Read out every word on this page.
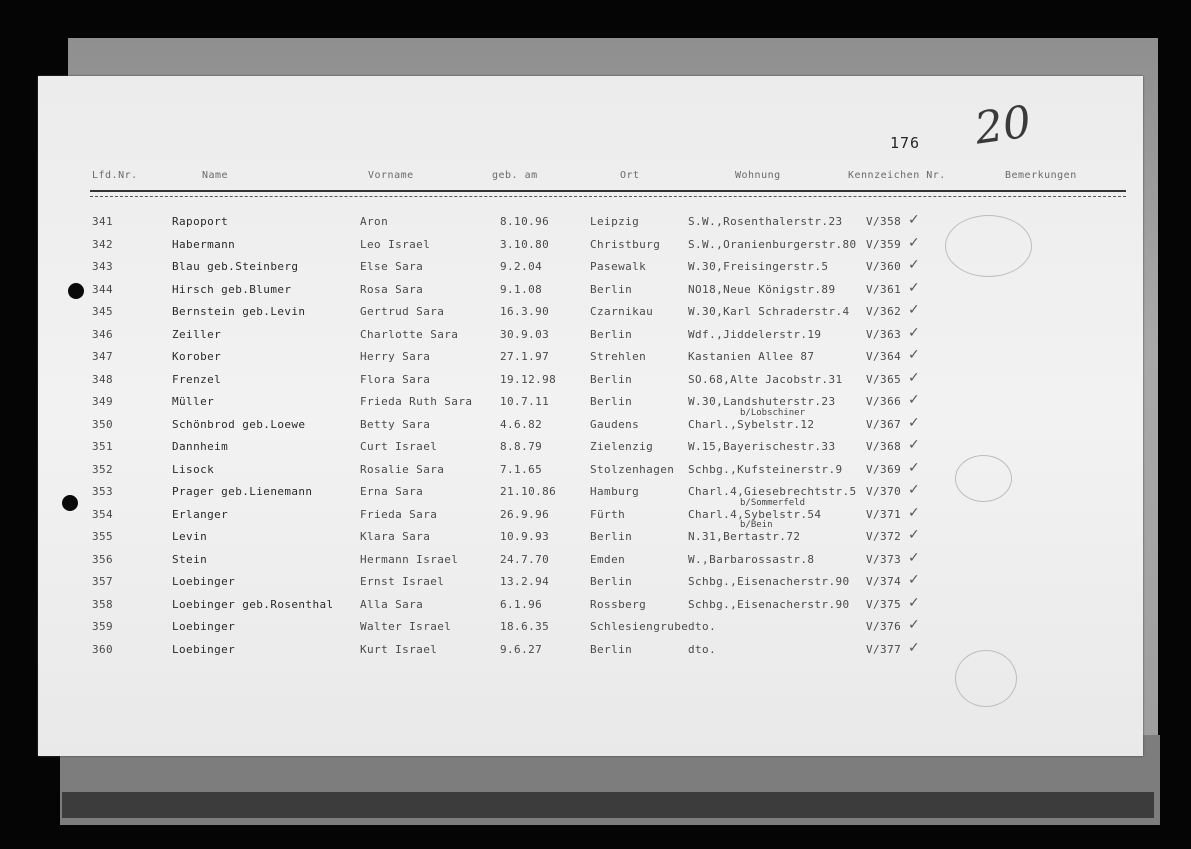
176 20
Lfd.Nr.	Name	Vorname	geb. am	Ort	Wohnung	Kennzeichen Nr.	Bemerkungen
341	Rapoport	Aron	8.10.96	Leipzig	S.W.,Rosenthalerstr.23 V/358 ✓
342	Habermann	Leo Israel	3.10.80	Christburg	S.W.,Oranienburgerstr.80 V/359 ✓
343	Blau geb.Steinberg	Else Sara	9.2.04	Pasewalk	W.30,Freisingerstr.5	V/360 ✓
344	Hirsch geb.Blumer	Rosa Sara	9.1.08	Berlin	NO18,Neue Königstr.89	V/361 ✓
345	Bernstein geb.Levin	Gertrud Sara	16.3.90	Czarnikau	W.30,Karl Schraderstr.4 V/362 ✓
346	Zeiller	Charlotte Sara	30.9.03	Berlin	Wdf.,Jiddelerstr.19	V/363 ✓
347	Korober	Herry Sara	27.1.97	Strehlen	Kastanien Allee 87	V/364 ✓
348	Frenzel	Flora Sara	19.12.98	Berlin	SO.68,Alte Jacobstr.31 V/365 ✓
349	Müller	Frieda Ruth Sara	10.7.11	Berlin	W.30,Landshuterstr.23	V/366 ✓
350	Schönbrod geb.Loewe	Betty Sara	4.6.82	Gaudens	Charl.,Sybelstr.12	V/367 ✓
b/Lobschiner
351	Dannheim	Curt Israel	8.8.79	Zielenzig	W.15,Bayerischestr.33	V/368 ✓
352	Lisock	Rosalie Sara	7.1.65	Stolzenhagen Schbg.,Kufsteinerstr.9 V/369 ✓
353	Prager geb.Lienemann	Erna Sara	21.10.86	Hamburg	Charl.4,Giesebrechtstr.5 V/370 ✓
354	Erlanger	Frieda Sara	26.9.96	Fürth	Charl.4,Sybelstr.54	V/371 ✓
b/Sommerfeld
355	Levin	Klara Sara	10.9.93	Berlin	N.31,Bertastr.72	V/372 ✓
b/Bein
356	Stein	Hermann Israel	24.7.70	Emden	W.,Barbarossastr.8	V/373 ✓
357	Loebinger	Ernst Israel	13.2.94	Berlin	Schbg.,Eisenacherstr.90 V/374 ✓
358	Loebinger geb.Rosenthal Alla Sara	6.1.96	Rossberg	Schbg.,Eisenacherstr.90 V/375 ✓
359	Loebinger	Walter Israel	18.6.35	Schlesiengrube dto.	V/376 ✓
360	Loebinger	Kurt Israel	9.6.27	Berlin	dto.	V/377 ✓
